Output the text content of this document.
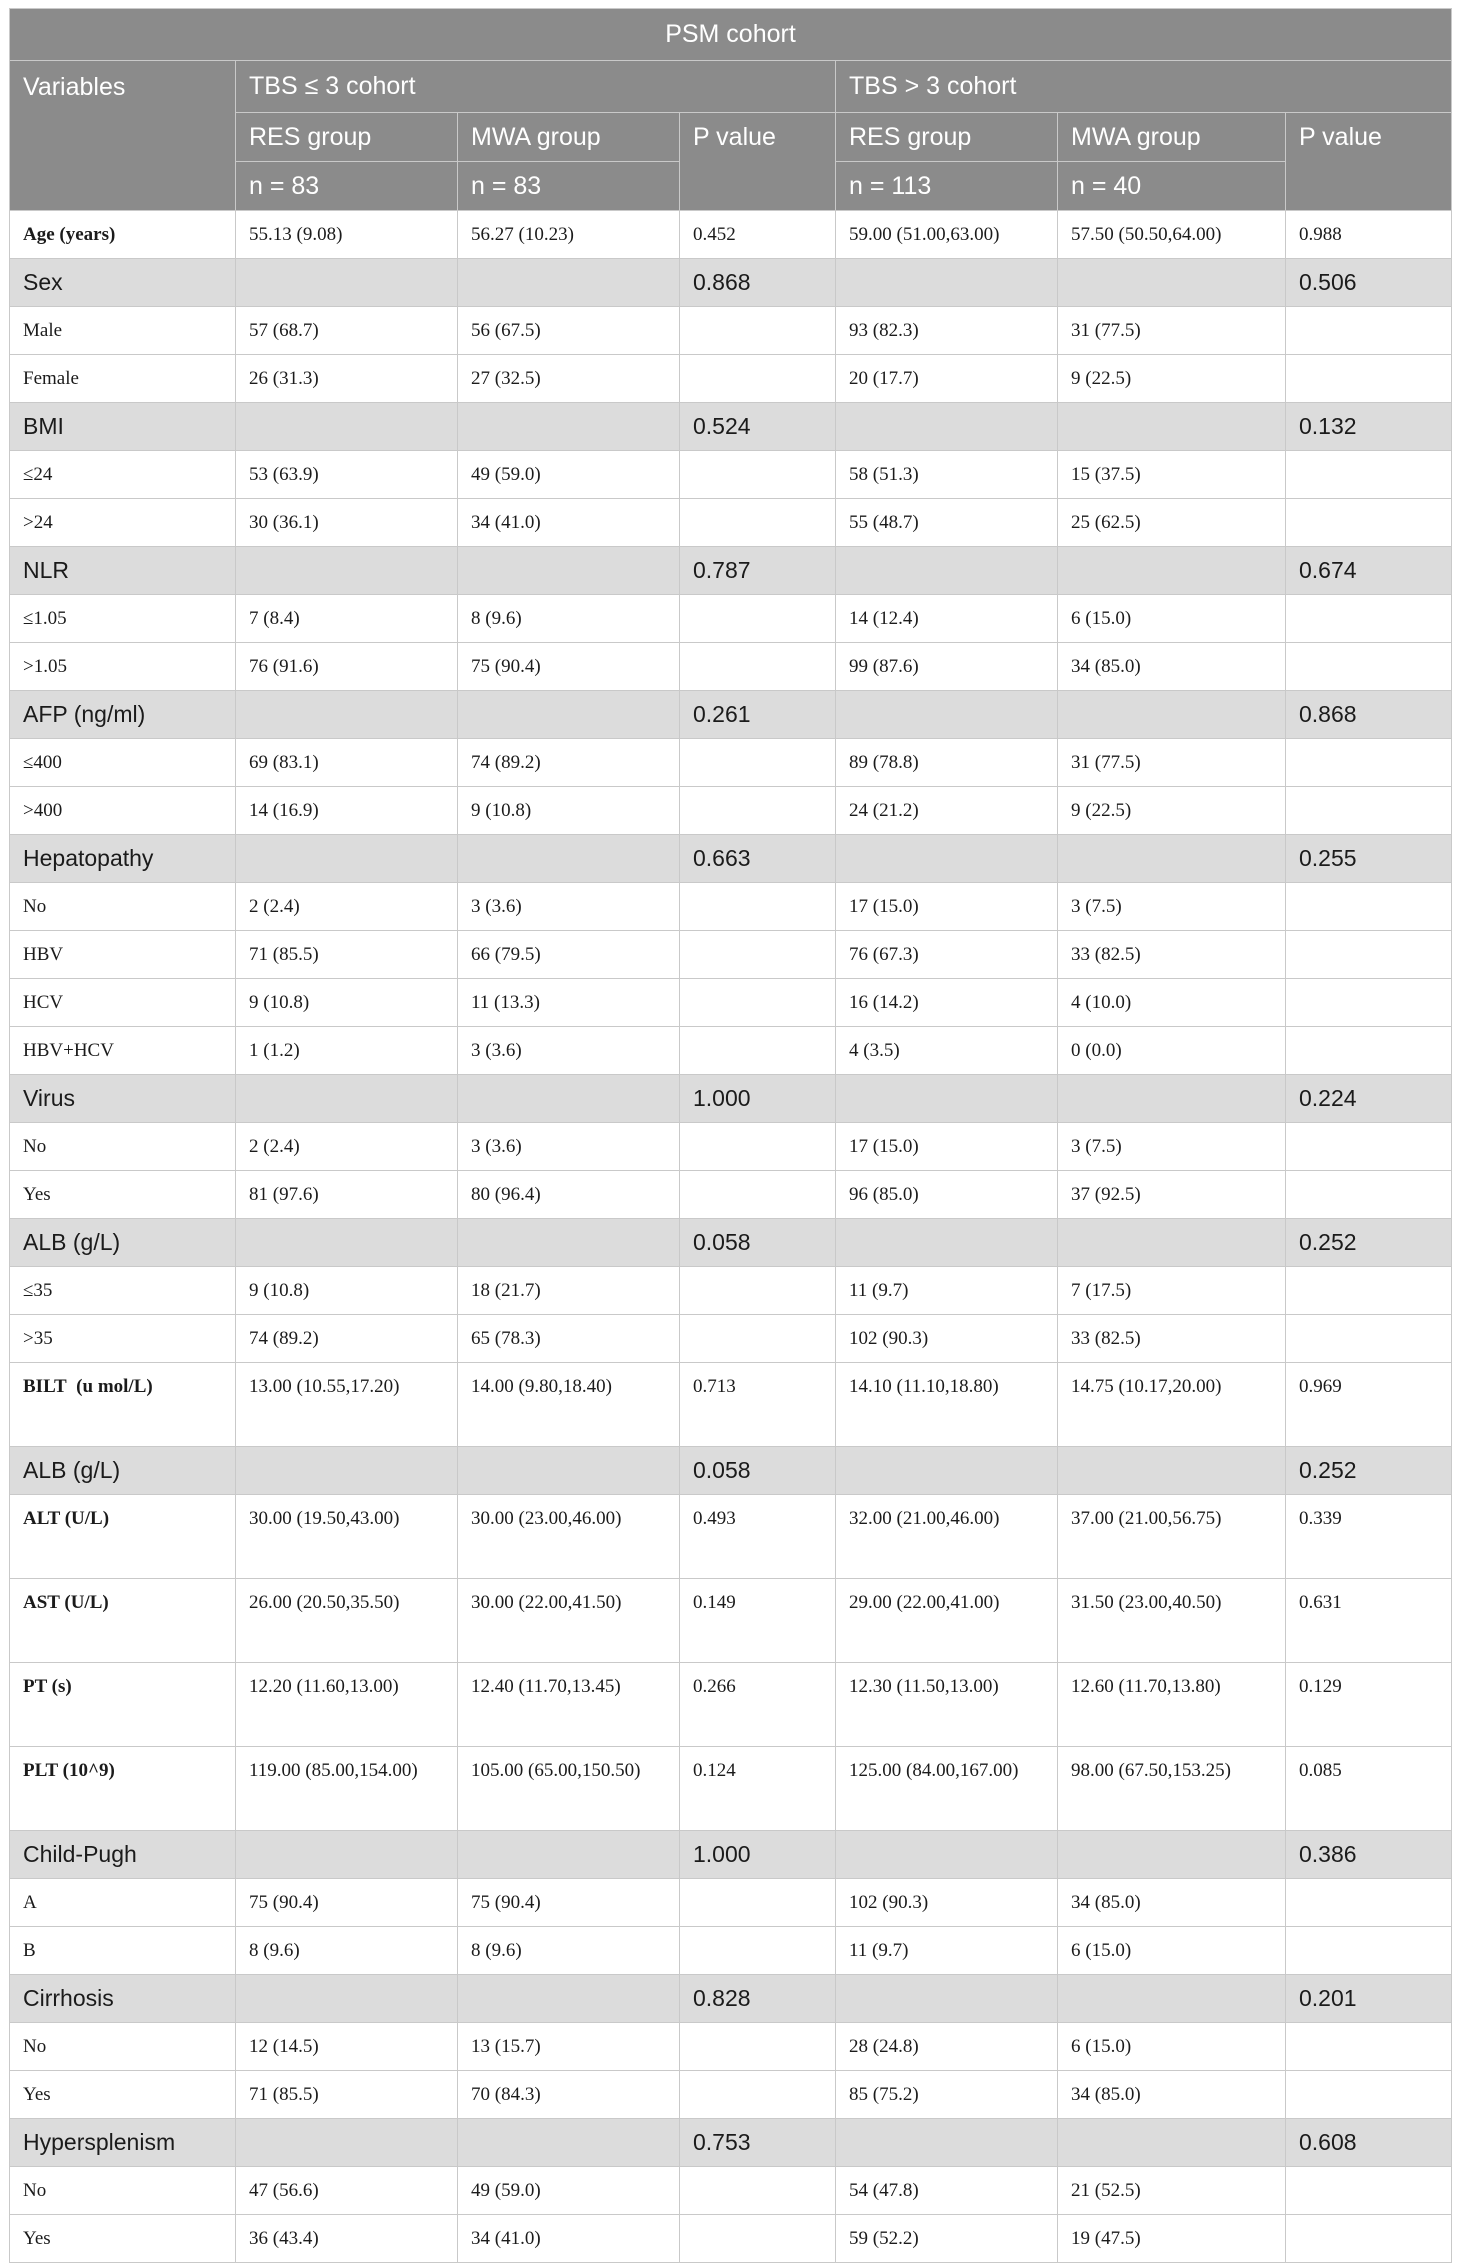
PSM cohort						
Variables	TBS ≤ 3 cohort			TBS > 3 cohort		
	RES group	MWA group	P value	RES group	MWA group	P value
	n = 83	n = 83		n = 113	n = 40	
Age (years)	55.13 (9.08)	56.27 (10.23)	0.452	59.00 (51.00,63.00)	57.50 (50.50,64.00)	0.988
Sex			0.868			0.506
Male	57 (68.7)	56 (67.5)		93 (82.3)	31 (77.5)	
Female	26 (31.3)	27 (32.5)		20 (17.7)	9 (22.5)	
BMI			0.524			0.132
≤24	53 (63.9)	49 (59.0)		58 (51.3)	15 (37.5)	
>24	30 (36.1)	34 (41.0)		55 (48.7)	25 (62.5)	
NLR			0.787			0.674
≤1.05	7 (8.4)	8 (9.6)		14 (12.4)	6 (15.0)	
>1.05	76 (91.6)	75 (90.4)		99 (87.6)	34 (85.0)	
AFP (ng/ml)			0.261			0.868
≤400	69 (83.1)	74 (89.2)		89 (78.8)	31 (77.5)	
>400	14 (16.9)	9 (10.8)		24 (21.2)	9 (22.5)	
Hepatopathy			0.663			0.255
No	2 (2.4)	3 (3.6)		17 (15.0)	3 (7.5)	
HBV	71 (85.5)	66 (79.5)		76 (67.3)	33 (82.5)	
HCV	9 (10.8)	11 (13.3)		16 (14.2)	4 (10.0)	
HBV+HCV	1 (1.2)	3 (3.6)		4 (3.5)	0 (0.0)	
Virus			1.000			0.224
No	2 (2.4)	3 (3.6)		17 (15.0)	3 (7.5)	
Yes	81 (97.6)	80 (96.4)		96 (85.0)	37 (92.5)	
ALB (g/L)			0.058			0.252
≤35	9 (10.8)	18 (21.7)		11 (9.7)	7 (17.5)	
>35	74 (89.2)	65 (78.3)		102 (90.3)	33 (82.5)	
BILT  (u mol/L)	13.00 (10.55,17.20)	14.00 (9.80,18.40)	0.713	14.10 (11.10,18.80)	14.75 (10.17,20.00)	0.969
ALB (g/L)			0.058			0.252
ALT (U/L)	30.00 (19.50,43.00)	30.00 (23.00,46.00)	0.493	32.00 (21.00,46.00)	37.00 (21.00,56.75)	0.339
AST (U/L)	26.00 (20.50,35.50)	30.00 (22.00,41.50)	0.149	29.00 (22.00,41.00)	31.50 (23.00,40.50)	0.631
PT (s)	12.20 (11.60,13.00)	12.40 (11.70,13.45)	0.266	12.30 (11.50,13.00)	12.60 (11.70,13.80)	0.129
PLT (10^9)	119.00 (85.00,154.00)	105.00 (65.00,150.50)	0.124	125.00 (84.00,167.00)	98.00 (67.50,153.25)	0.085
Child-Pugh			1.000			0.386
A	75 (90.4)	75 (90.4)		102 (90.3)	34 (85.0)	
B	8 (9.6)	8 (9.6)		11 (9.7)	6 (15.0)	
Cirrhosis			0.828			0.201
No	12 (14.5)	13 (15.7)		28 (24.8)	6 (15.0)	
Yes	71 (85.5)	70 (84.3)		85 (75.2)	34 (85.0)	
Hypersplenism			0.753			0.608
No	47 (56.6)	49 (59.0)		54 (47.8)	21 (52.5)	
Yes	36 (43.4)	34 (41.0)		59 (52.2)	19 (47.5)	
